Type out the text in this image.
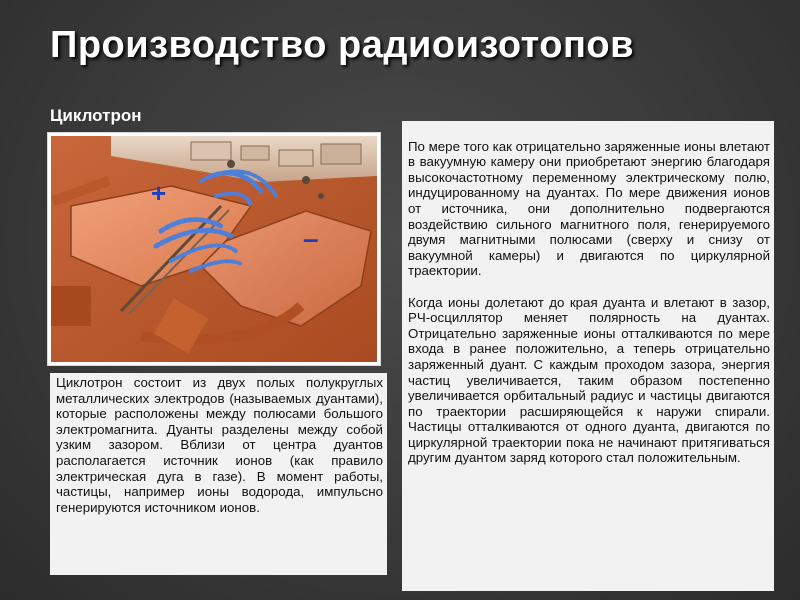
Производство радиоизотопов
Циклотрон
+
–
Циклотрон состоит из двух полых полукруглых металлических электродов (называемых дуантами), которые расположены между полюсами большого электромагнита. Дуанты разделены между собой узким зазором. Вблизи от центра дуантов располагается источник ионов (как правило электрическая дуга в газе). В момент работы, частицы, например ионы водорода, импульсно генерируются источником ионов.

По мере того как отрицательно заряженные ионы влетают в вакуумную камеру они приобретают энергию благодаря высокочастотному переменному электрическому полю, индуцированному на дуантах. По мере движения ионов от источника, они дополнительно подвергаются воздействию сильного магнитного поля, генерируемого двумя магнитными полюсами (сверху и снизу от вакуумной камеры) и двигаются по циркулярной траектории.

Когда ионы долетают до края дуанта и влетают в зазор, РЧ-осциллятор меняет полярность на дуантах. Отрицательно заряженные ионы отталкиваются по мере входа в ранее положительно, а теперь отрицательно заряженный дуант. С каждым проходом зазора, энергия частиц увеличивается, таким образом постепенно увеличивается орбитальный радиус и частицы двигаются по траектории расширяющейся к наружи спирали. Частицы отталкиваются от одного дуанта, двигаются по циркулярной траектории пока не начинают притягиваться другим дуантом заряд которого стал положительным.
